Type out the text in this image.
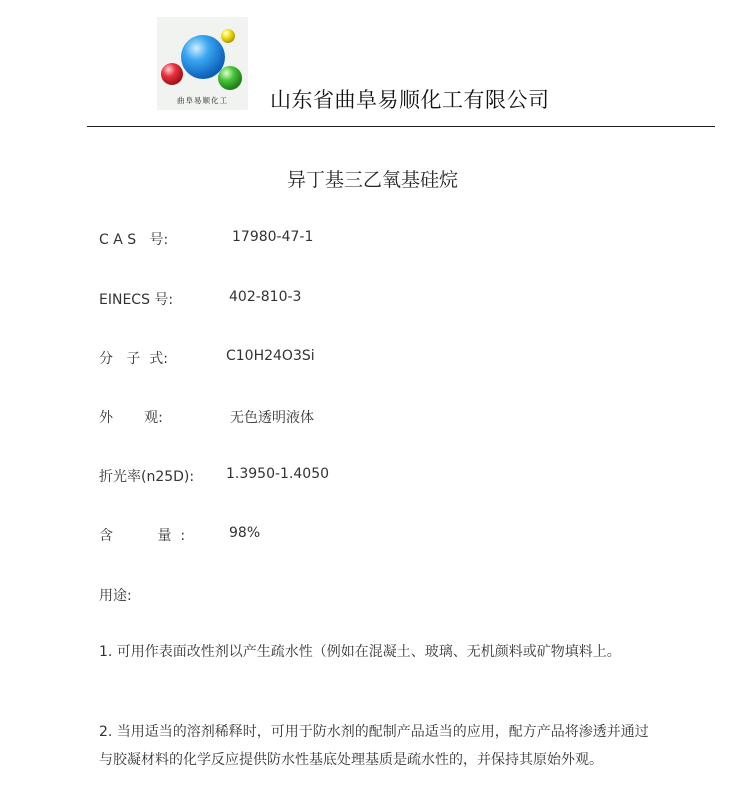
曲阜易顺化工	山东省曲阜易顺化工有限公司
异丁基三乙氧基硅烷
C A S   号:	17980-47-1
EINECS 号:	402-810-3
分   子  式:	C10H24O3Si
外       观:	无色透明液体
折光率(n25D): 1.3950-1.4050
含          量  :	98%
用途:
1. 可用作表面改性剂以产生疏水性（例如在混凝土、玻璃、无机颜料或矿物填料上。
2. 当用适当的溶剂稀释时，可用于防水剂的配制产品适当的应用，配方产品将渗透并通过与胶凝材料的化学反应提供防水性基底处理基质是疏水性的，并保持其原始外观。
